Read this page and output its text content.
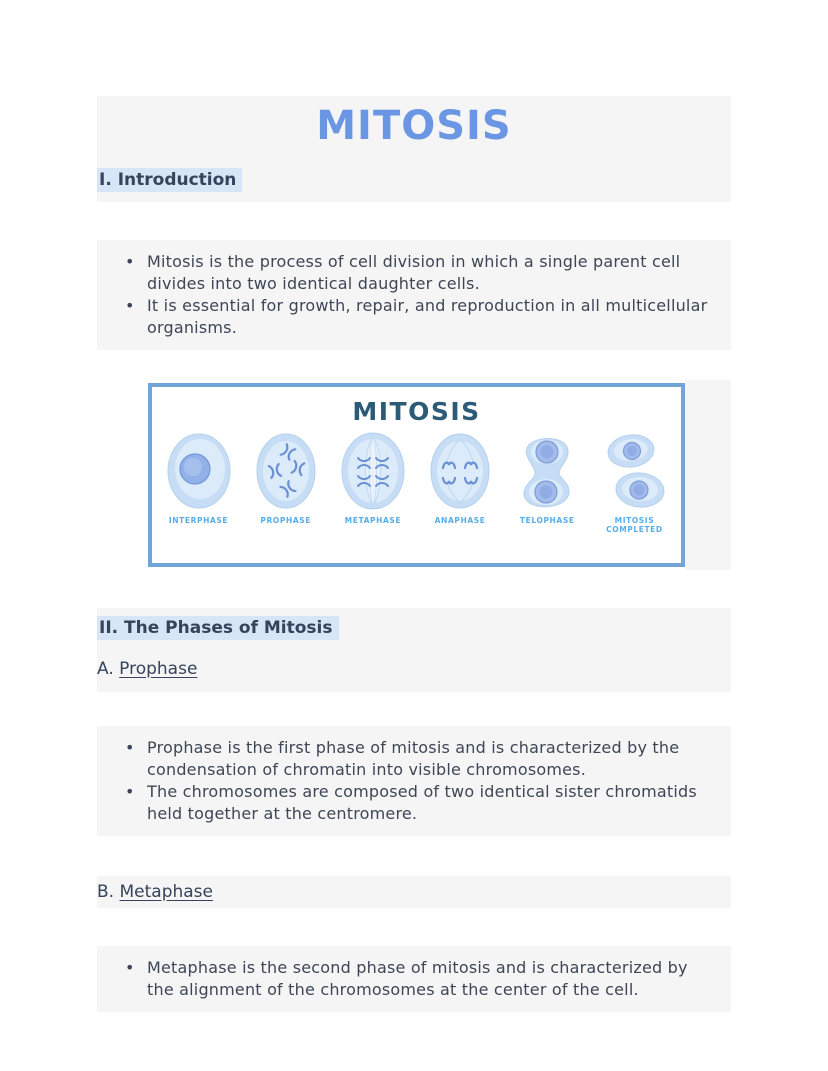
MITOSIS
I. Introduction
• Mitosis is the process of cell division in which a single parent cell divides into two identical daughter cells.
• It is essential for growth, repair, and reproduction in all multicellular organisms.
MITOSIS
INTERPHASE	PROPHASE	METAPHASE	ANAPHASE	TELOPHASE	MITOSIS COMPLETED
II. The Phases of Mitosis
A. Prophase
• Prophase is the first phase of mitosis and is characterized by the condensation of chromatin into visible chromosomes.
• The chromosomes are composed of two identical sister chromatids held together at the centromere.
B. Metaphase
• Metaphase is the second phase of mitosis and is characterized by the alignment of the chromosomes at the center of the cell.
